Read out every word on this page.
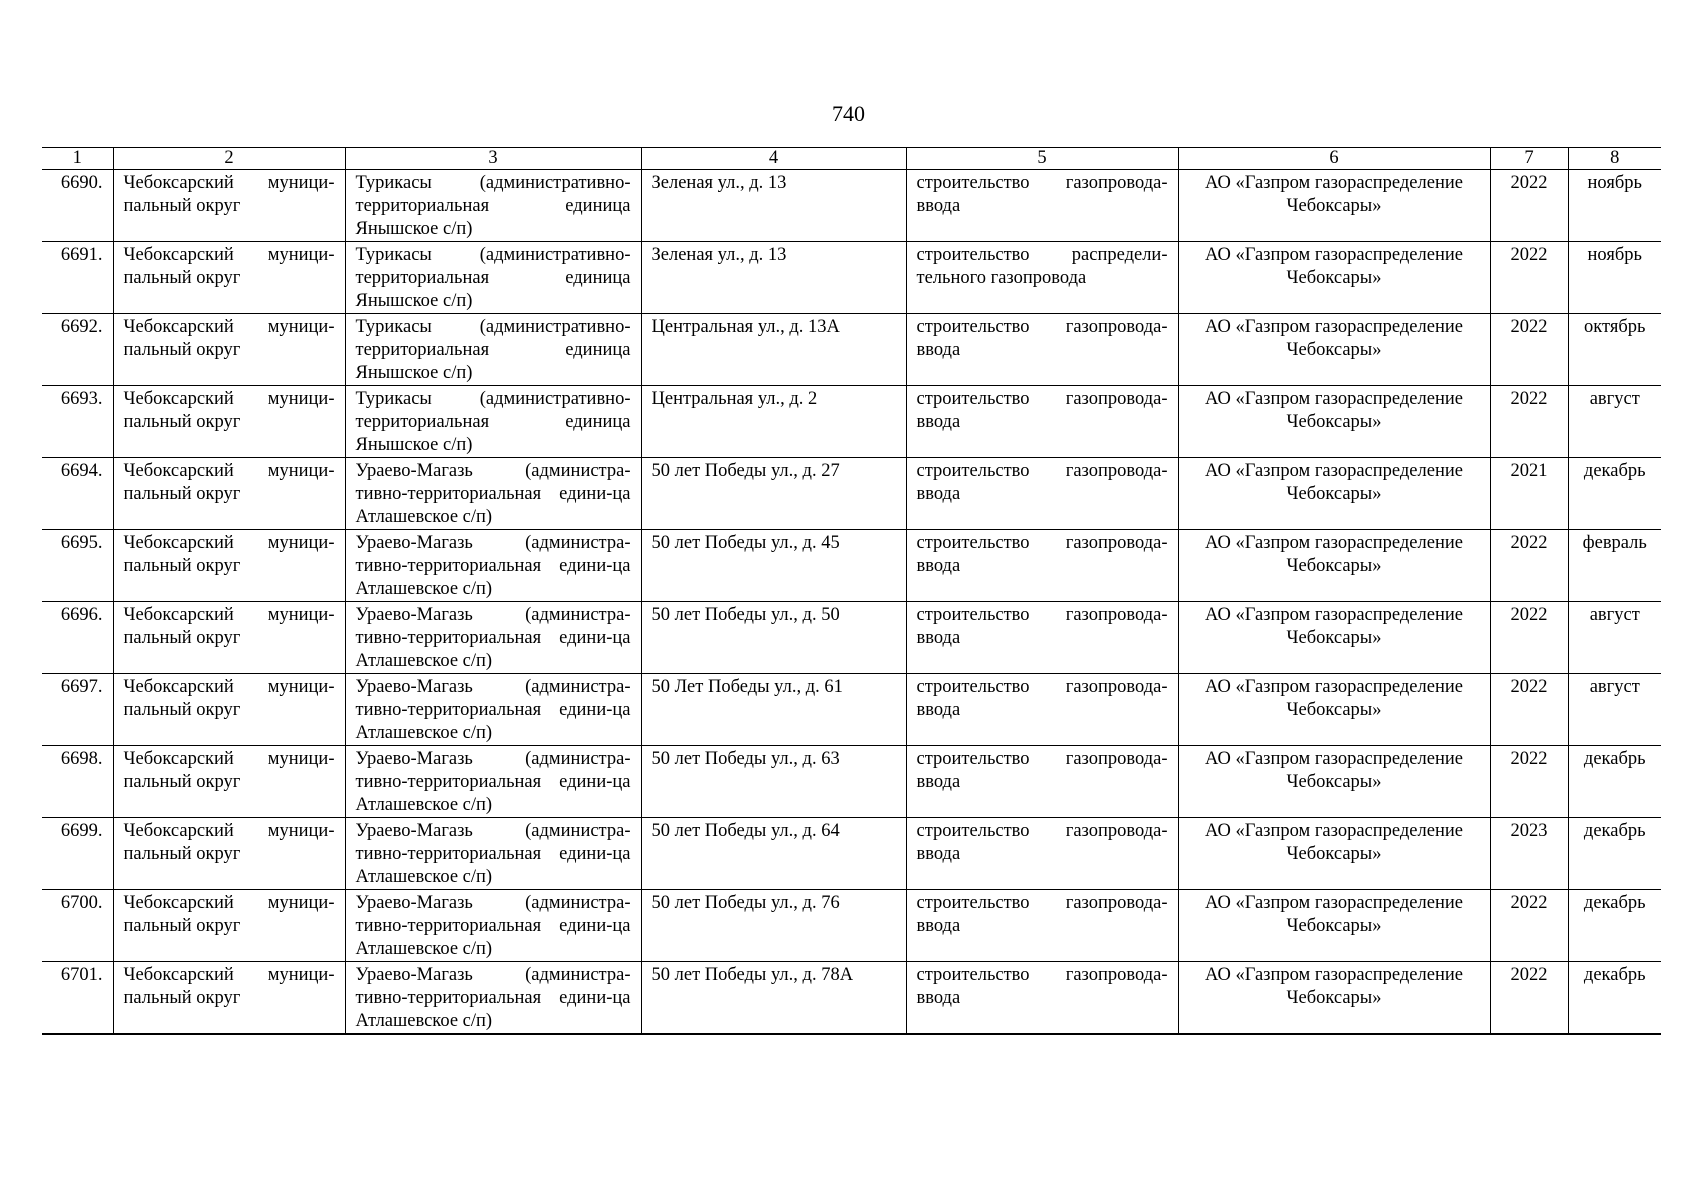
740
1	2	3	4	5	6	7	8
6690.	Чебоксарский муници-пальный округ	Турикасы (административно-территориальная единица Янышское с/п)	Зеленая ул., д. 13	строительство газопровода-ввода	АО «Газпром газораспределение Чебоксары»	2022	ноябрь
6691.	Чебоксарский муници-пальный округ	Турикасы (административно-территориальная единица Янышское с/п)	Зеленая ул., д. 13	строительство распредели-тельного газопровода	АО «Газпром газораспределение Чебоксары»	2022	ноябрь
6692.	Чебоксарский муници-пальный округ	Турикасы (административно-территориальная единица Янышское с/п)	Центральная ул., д. 13А	строительство газопровода-ввода	АО «Газпром газораспределение Чебоксары»	2022	октябрь
6693.	Чебоксарский муници-пальный округ	Турикасы (административно-территориальная единица Янышское с/п)	Центральная ул., д. 2	строительство газопровода-ввода	АО «Газпром газораспределение Чебоксары»	2022	август
6694.	Чебоксарский муници-пальный округ	Ураево-Магазь (администра-тивно-территориальная едини-ца Атлашевское с/п)	50 лет Победы ул., д. 27	строительство газопровода-ввода	АО «Газпром газораспределение Чебоксары»	2021	декабрь
6695.	Чебоксарский муници-пальный округ	Ураево-Магазь (администра-тивно-территориальная едини-ца Атлашевское с/п)	50 лет Победы ул., д. 45	строительство газопровода-ввода	АО «Газпром газораспределение Чебоксары»	2022	февраль
6696.	Чебоксарский муници-пальный округ	Ураево-Магазь (администра-тивно-территориальная едини-ца Атлашевское с/п)	50 лет Победы ул., д. 50	строительство газопровода-ввода	АО «Газпром газораспределение Чебоксары»	2022	август
6697.	Чебоксарский муници-пальный округ	Ураево-Магазь (администра-тивно-территориальная едини-ца Атлашевское с/п)	50 Лет Победы ул., д. 61	строительство газопровода-ввода	АО «Газпром газораспределение Чебоксары»	2022	август
6698.	Чебоксарский муници-пальный округ	Ураево-Магазь (администра-тивно-территориальная едини-ца Атлашевское с/п)	50 лет Победы ул., д. 63	строительство газопровода-ввода	АО «Газпром газораспределение Чебоксары»	2022	декабрь
6699.	Чебоксарский муници-пальный округ	Ураево-Магазь (администра-тивно-территориальная едини-ца Атлашевское с/п)	50 лет Победы ул., д. 64	строительство газопровода-ввода	АО «Газпром газораспределение Чебоксары»	2023	декабрь
6700.	Чебоксарский муници-пальный округ	Ураево-Магазь (администра-тивно-территориальная едини-ца Атлашевское с/п)	50 лет Победы ул., д. 76	строительство газопровода-ввода	АО «Газпром газораспределение Чебоксары»	2022	декабрь
6701.	Чебоксарский муници-пальный округ	Ураево-Магазь (администра-тивно-территориальная едини-ца Атлашевское с/п)	50 лет Победы ул., д. 78А	строительство газопровода-ввода	АО «Газпром газораспределение Чебоксары»	2022	декабрь
